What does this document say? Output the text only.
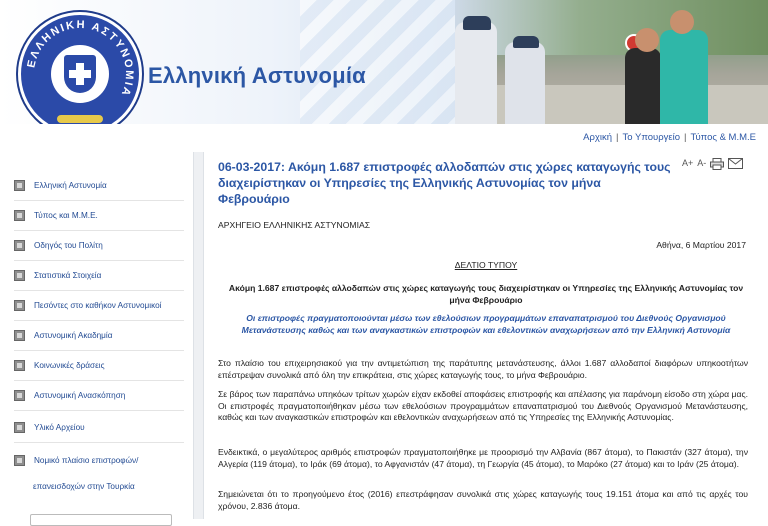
ΕΛΛΗΝΙΚΗ ΑΣΤΥΝΟΜΙΑ
Ελληνική Αστυνομία
Αρχική | Το Υπουργείο | Τύπος & Μ.Μ.Ε
Ελληνική Αστυνομία
Τύπος και Μ.Μ.Ε.
Οδηγός του Πολίτη
Στατιστικά Στοιχεία
Πεσόντες στο καθήκον Αστυνομικοί
Αστυνομική Ακαδημία
Κοινωνικές δράσεις
Αστυνομική Ανασκόπηση
Υλικό Αρχείου
Νομικό πλαίσιο επιστροφών/
επανεισδοχών στην Τουρκία
06-03-2017: Ακόμη 1.687 επιστροφές αλλοδαπών στις χώρες καταγωγής τους διαχειρίστηκαν οι Υπηρεσίες της Ελληνικής Αστυνομίας τον μήνα Φεβρουάριο
A+ A-
ΑΡΧΗΓΕΙΟ ΕΛΛΗΝΙΚΗΣ ΑΣΤΥΝΟΜΙΑΣ
Αθήνα, 6 Μαρτίου 2017
ΔΕΛΤΙΟ ΤΥΠΟΥ
Ακόμη 1.687 επιστροφές αλλοδαπών στις χώρες καταγωγής τους διαχειρίστηκαν οι Υπηρεσίες της Ελληνικής Αστυνομίας τον μήνα Φεβρουάριο
Οι επιστροφές πραγματοποιούνται μέσω των εθελούσιων προγραμμάτων επαναπατρισμού του Διεθνούς Οργανισμού Μετανάστευσης καθώς και των αναγκαστικών επιστροφών και εθελοντικών αναχωρήσεων από την Ελληνική Αστυνομία
Στο πλαίσιο του επιχειρησιακού για την αντιμετώπιση της παράτυπης μετανάστευσης, άλλοι 1.687 αλλοδαποί διαφόρων υπηκοοτήτων επέστρεψαν συνολικά από όλη την επικράτεια, στις χώρες καταγωγής τους, το μήνα Φεβρουάριο.
Σε βάρος των παραπάνω υπηκόων τρίτων χωρών είχαν εκδοθεί αποφάσεις επιστροφής και απέλασης για παράνομη είσοδο στη χώρα μας. Οι επιστροφές πραγματοποιήθηκαν μέσω των εθελούσιων προγραμμάτων επαναπατρισμού του Διεθνούς Οργανισμού Μετανάστευσης, καθώς και των αναγκαστικών επιστροφών και εθελοντικών αναχωρήσεων από τις Υπηρεσίες της Ελληνικής Αστυνομίας.
Ενδεικτικά, ο μεγαλύτερος αριθμός επιστροφών πραγματοποιήθηκε με προορισμό την Αλβανία (867 άτομα), το Πακιστάν (327 άτομα), την Αλγερία (119 άτομα), το Ιράκ (69 άτομα), το Αφγανιστάν (47 άτομα), τη Γεωργία (45 άτομα), το Μαρόκο (27 άτομα) και το Ιράν (25 άτομα).
Σημειώνεται ότι το προηγούμενο έτος (2016) επεστράφησαν συνολικά στις χώρες καταγωγής τους 19.151 άτομα και από τις αρχές του χρόνου, 2.836 άτομα.
